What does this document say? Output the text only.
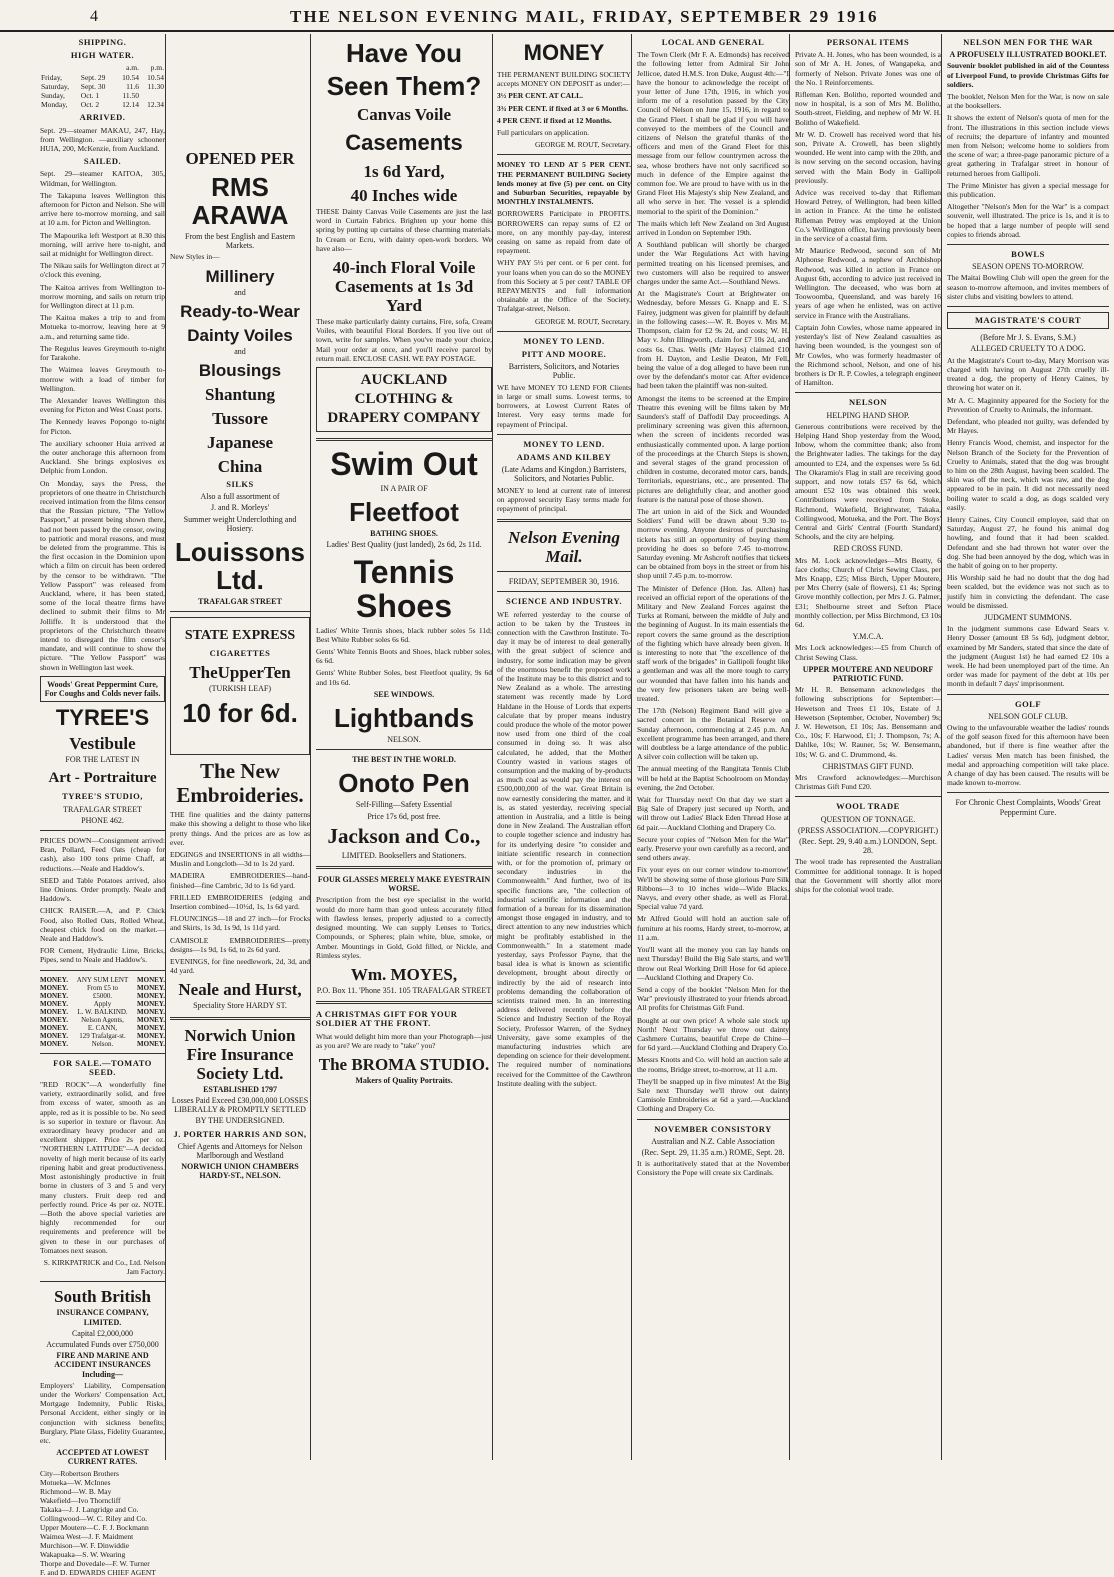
4	THE NELSON EVENING MAIL, FRIDAY, SEPTEMBER 29 1916
SHIPPING.
HIGH WATER.
		a.m.	p.m.
Friday,	Sept. 29	10.54	10.54
Saturday,	Sept. 30	11.6	11.30
Sunday,	Oct. 1	11.50	
Monday,	Oct. 2	12.14	12.34
ARRIVED.

Sept. 29—steamer MAKAU, 247, Hay, from Wellington. —auxiliary schooner HUIA, 200, McKenzie, from Auckland.

SAILED.

Sept. 29—steamer KAITOA, 305, Wildman, for Wellington.

The Takapuna leaves Wellington this afternoon for Picton and Nelson. She will arrive here to-morrow morning, and sail at 10 a.m. for Picton and Wellington.

The Mapourika left Westport at 8.30 this morning, will arrive here to-night, and sail at midnight for Wellington direct.

The Nikau sails for Wellington direct at 7 o'clock this evening.

The Kaitoa arrives from Wellington to-morrow morning, and sails on return trip for Wellington direct at 11 p.m.

The Kaitoa makes a trip to and from Motueka to-morrow, leaving here at 9 a.m., and returning same tide.

The Regulus leaves Greymouth to-night for Tarakohe.

The Waimea leaves Greymouth to-morrow with a load of timber for Wellington.

The Alexander leaves Wellington this evening for Picton and West Coast ports.

The Kennedy leaves Popongo to-night for Picton.

The auxiliary schooner Huia arrived at the outer anchorage this afternoon from Auckland. She brings explosives ex Delphic from London.

On Monday, says the Press, the proprietors of one theatre in Christchurch received intimation from the films censor that the Russian picture, "The Yellow Passport," at present being shown there, had not been passed by the censor, owing to patriotic and moral reasons, and must be deleted from the programme. This is the first occasion in the Dominion upon which a film on circuit has been ordered by the censor to be withdrawn. "The Yellow Passport" was released from Auckland, where, it has been stated, some of the local theatre firms have declined to submit their films to Mr Jolliffe. It is understood that the proprietors of the Christchurch theatre intend to disregard the film censor's mandate, and will continue to show the picture. "The Yellow Passport" was shown in Wellington last week.

Woods' Great Peppermint Cure, For Coughs and Colds never fails.
TYREE'S
Vestibule
FOR THE LATEST IN
Art - Portraiture
TYREE'S STUDIO,
TRAFALGAR STREET
PHONE 462.

PRICES DOWN—Consignment arrived: Bran, Pollard, Feed Oats (cheap for cash), also 100 tons prime Chaff, at reductions.—Neale and Haddow's.

SEED and Table Potatoes arrived, also line Onions. Order promptly. Neale and Haddow's.

CHICK RAISER.—A, and P. Chick Food, also Rolled Oats, Rolled Wheat, cheapest chick food on the market.—Neale and Haddow's.

FOR Cement, Hydraulic Lime, Bricks, Pipes, send to Neale and Haddow's.

MONEY.
MONEY.
MONEY.
MONEY.
MONEY.
MONEY.
MONEY.
MONEY.
MONEY.
ANY SUM LENT
From £5 to
£5000.
Apply
L. W. BALKIND.
Nelson Agents,
E. CANN,
129 Trafalgar-st.
Nelson.
MONEY.
MONEY.
MONEY.
MONEY.
MONEY.
MONEY.
MONEY.
MONEY.
MONEY.
FOR SALE.—TOMATO SEED.

"RED ROCK"—A wonderfully fine variety, extraordinarily solid, and free from excess of water, smooth as an apple, red as it is possible to be. No seed is so superior in texture or flavour. An extraordinary heavy producer and an excellent shipper. Price 2s per oz. "NORTHERN LATITUDE"—A decided novelty of high merit because of its early ripening habit and great productiveness. Most astonishingly productive in fruit borne in clusters of 3 and 5 and very many clusters. Fruit deep red and perfectly round. Price 4s per oz. NOTE.—Both the above special varieties are highly recommended for our requirements and preference will be given to these in our purchases of Tomatoes next season.

S. KIRKPATRICK and Co., Ltd. Nelson Jam Factory.

South British
INSURANCE COMPANY, LIMITED.
Capital £2,000,000
Accumulated Funds over £750,000
FIRE AND MARINE AND ACCIDENT INSURANCES Including—

Employers' Liability, Compensation under the Workers' Compensation Act, Mortgage Indemnity, Public Risks, Personal Accident, either singly or in conjunction with sickness benefits; Burglary, Plate Glass, Fidelity Guarantee, etc.

ACCEPTED AT LOWEST CURRENT RATES.
City—Robertson Brothers
Motueka—W. McInnes
Richmond—W. B. May
Wakefield—Ivo Thorncliff
Takaka—J. J. Langridge and Co.
Collingwood—W. C. Riley and Co.
Upper Moutere—C. F. J. Bockmann
Waimea West—J. F. Maidment
Murchison—W. F. Dinwiddie
Wakapuaka—S. W. Wearing
Thorpe and Dovedale—F. W. Turner
F. and D. EDWARDS CHIEF AGENT
OPENED PER
RMS ARAWA
From the best English and Eastern Markets.

New Styles in—

Millinery
and
Ready-to-Wear
Dainty Voiles
and
Blousings
Shantung
Tussore
Japanese
China
SILKS
Also a full assortment of
J. and R. Morleys'
Summer weight Underclothing and Hosiery.
Louissons Ltd.
TRAFALGAR STREET
STATE EXPRESS
CIGARETTES
TheUpperTen
(TURKISH LEAF)
10 for 6d.
The New Embroideries.

THE fine qualities and the dainty patterns make this showing a delight to those who like pretty things. And the prices are as low as ever.

EDGINGS and INSERTIONS in all widths—Muslin and Longcloth—3d to 1s 2d yard.

MADEIRA EMBROIDERIES—hand-finished—fine Cambric, 3d to 1s 6d yard.

FRILLED EMBROIDERIES (edging and Insertion combined—10½d, 1s, 1s 6d yard.

FLOUNCINGS—18 and 27 inch—for Frocks and Skirts, 1s 3d, 1s 9d, 1s 11d yard.

CAMISOLE EMBROIDERIES—pretty designs—1s 9d, 1s 6d, to 2s 6d yard.

EVENINGS, for fine needlework, 2d, 3d, and 4d yard.

Neale and Hurst,
Speciality Store HARDY ST.
Norwich Union Fire Insurance Society Ltd.
ESTABLISHED 1797
Losses Paid Exceed £30,000,000 LOSSES LIBERALLY & PROMPTLY SETTLED
BY THE UNDERSIGNED.
J. PORTER HARRIS AND SON,
Chief Agents and Attorneys for Nelson Marlborough and Westland
NORWICH UNION CHAMBERS HARDY-ST., NELSON.
Have You
Seen Them?
Canvas Voile
Casements
1s 6d Yard,
40 Inches wide

THESE Dainty Canvas Voile Casements are just the last word in Curtain Fabrics. Brighten up your home this spring by putting up curtains of these charming materials. In Cream or Ecru, with dainty open-work borders. We have also—

40-inch Floral Voile Casements at 1s 3d Yard

These make particularly dainty curtains, Fire, sofa, Cream Voiles, with beautiful Floral Borders. If you live out of town, write for samples. When you've made your choice, Mail your order at once, and you'll receive parcel by return mail. ENCLOSE CASH. WE PAY POSTAGE.

AUCKLAND CLOTHING & DRAPERY COMPANY
Swim Out
IN A PAIR OF
Fleetfoot
BATHING SHOES.
Ladies' Best Quality (just landed), 2s 6d, 2s 11d.
Tennis Shoes

Ladies' White Tennis shoes, black rubber soles 5s 11d; Best White Rubber soles 6s 6d.

Gents' White Tennis Boots and Shoes, black rubber soles, 6s 6d.

Gents' White Rubber Soles, best Fleetfoot quality, 9s 6d and 10s 6d.

SEE WINDOWS.
Lightbands
NELSON.
THE BEST IN THE WORLD.
Onoto Pen
Self-Filling—Safety Essential
Price 17s 6d, post free.
Jackson and Co.,
LIMITED. Booksellers and Stationers.
FOUR GLASSES MERELY MAKE EYESTRAIN WORSE.

Prescription from the best eye specialist in the world, would do more harm than good unless accurately filled with flawless lenses, properly adjusted to a correctly designed mounting. We can supply Lenses to Torics, Compounds, or Spheres; plain white, blue, smoke, or Amber. Mountings in Gold, Gold filled, or Nickle, and Rimless styles.

Wm. MOYES,
P.O. Box 11. 'Phone 351. 105 TRAFALGAR STREET
A CHRISTMAS GIFT FOR YOUR SOLDIER AT THE FRONT.

What would delight him more than your Photograph—just as you are? We are ready to "take" you?

The BROMA STUDIO.
Makers of Quality Portraits.
MONEY

THE PERMANENT BUILDING SOCIETY accepts MONEY ON DEPOSIT as under:—

3½ PER CENT. AT CALL.

3¾ PER CENT. if fixed at 3 or 6 Months.

4 PER CENT. if fixed at 12 Months.

Full particulars on application.

GEORGE M. ROUT, Secretary.

MONEY TO LEND AT 5 PER CENT. THE PERMANENT BUILDING Society lends money at five (5) per cent. on City and Suburban Securities, repayable by MONTHLY INSTALMENTS.

BORROWERS Participate in PROFITS. BORROWERS can repay sums of £2 or more, on any monthly pay-day, interest ceasing on same as repaid from date of repayment.

WHY PAY 5½ per cent. or 6 per cent. for your loans when you can do so the MONEY from this Society at 5 per cent? TABLE OF REPAYMENTS and full information obtainable at the Office of the Society, Trafalgar-street, Nelson.

GEORGE M. ROUT, Secretary.

MONEY TO LEND.
PITT AND MOORE.
Barristers, Solicitors, and Notaries Public.

WE have MONEY TO LEND FOR Clients in large or small sums. Lowest terms, to borrowers, at Lowest Current Rates of Interest. Very easy terms made for repayment of Principal.

MONEY TO LEND.
ADAMS AND KILBEY
(Late Adams and Kingdon.) Barristers, Solicitors, and Notaries Public.

MONEY to lend at current rate of interest on approved security Easy terms made for repayment of principal.

Nelson Evening Mail.
FRIDAY, SEPTEMBER 30, 1916.
SCIENCE AND INDUSTRY.

WE referred yesterday to the course of action to be taken by the Trustees in connection with the Cawthron Institute. To-day it may be of interest to deal generally with the great subject of science and industry, for some indication may be given of the enormous benefit the proposed work of the Institute may be to this district and to New Zealand as a whole. The arresting statement was recently made by Lord Haldane in the House of Lords that experts calculate that by proper means industry could produce the whole of the motor power now used from one third of the coal consumed in doing so. It was also calculated, he added, that the Mother Country wasted in various stages of consumption and the making of by-products as much coal as would pay the interest on £500,000,000 of the war. Great Britain is now earnestly considering the matter, and it is, as stated yesterday, receiving special attention in Australia, and a little is being done in New Zealand. The Australian effort to couple together science and industry has for its underlying desire "to consider and initiate scientific research in connection with, or for the promotion of, primary or secondary industries in the Commonwealth." And further, two of its specific functions are, "the collection of industrial scientific information and the formation of a bureau for its dissemination amongst those engaged in industry, and to direct attention to any new industries which might be profitably established in the Commonwealth." In a statement made yesterday, says Professor Payne, that the basal idea is what is known as scientific development, brought about directly or indirectly by the aid of research into problems demanding the collaboration of scientists trained men. In an interesting address delivered recently before the Science and Industry Section of the Royal Society, Professor Warren, of the Sydney University, gave some examples of the manufacturing industries which are depending on science for their development. The required number of nominations received for the Committee of the Cawthron Institute dealing with the subject.

LOCAL AND GENERAL

The Town Clerk (Mr F. A. Edmonds) has received the following letter from Admiral Sir John Jellicoe, dated H.M.S. Iron Duke, August 4th:—"I have the honour to acknowledge the receipt of your letter of June 17th, 1916, in which you inform me of a resolution passed by the City Council of Nelson on June 15, 1916, in regard to the Grand Fleet. I shall be glad if you will have conveyed to the members of the Council and citizens of Nelson the grateful thanks of the officers and men of the Grand Fleet for this message from our fellow countrymen across the sea, whose brothers have not only sacrificed so much in defence of the Empire against the common foe. We are proud to have with us in the Grand Fleet His Majesty's ship New Zealand, and all who serve in her. The vessel is a splendid memorial to the spirit of the Dominion."

The mails which left New Zealand on 3rd August arrived in London on September 19th.

A Southland publican will shortly be charged under the War Regulations Act with having permitted treating on his licensed premises, and two customers will also be required to answer charges under the same Act.—Southland News.

At the Magistrate's Court at Brightwater on Wednesday, before Messrs G. Knapp and E. S. Fairey, judgment was given for plaintiff by default in the following cases:—W. R. Boyes v. Mrs M. Thompson, claim for £2 9s 2d, and costs; W. H. May v. John Illingworth, claim for £7 10s 2d, and costs 6s. Chas. Wells (Mr Hayes) claimed £10 from H. Dayton, and Leslie Deaton, Mr Fell, being the value of a dog alleged to have been run over by the defendant's motor car. After evidence had been taken the plaintiff was non-suited.

Amongst the items to be screened at the Empire Theatre this evening will be films taken by Mr Saunders's staff of Daffodil Day proceedings. A preliminary screening was given this afternoon, when the screen of incidents recorded was enthusiastically commented upon. A large portion of the proceedings at the Church Steps is shown, and several stages of the grand procession of children in costume, decorated motor cars, bands, Territorials, equestrians, etc., are presented. The pictures are delightfully clear, and another good feature is the natural pose of those shown.

The art union in aid of the Sick and Wounded Soldiers' Fund will be drawn about 9.30 to-morrow evening. Anyone desirous of purchasing tickets has still an opportunity of buying them providing he does so before 7.45 to-morrow. Saturday evening. Mr Ashcroft notifies that tickets can be obtained from boys in the street or from his shop until 7.45 p.m. to-morrow.

The Minister of Defence (Hon. Jas. Allen) has received an official report of the operations of the Military and New Zealand Forces against the Turks at Romani, between the middle of July and the beginning of August. In its main essentials the report covers the same ground as the description of the fighting which have already been given. It is interesting to note that "the excellence of the staff work of the brigades" in Gallipoli fought like a gentleman and was all the more tough to carry our wounded that have fallen into his hands and the very few prisoners taken are being well-treated.

The 17th (Nelson) Regiment Band will give a sacred concert in the Botanical Reserve on Sunday afternoon, commencing at 2.45 p.m. An excellent programme has been arranged, and there will doubtless be a large attendance of the public. A silver coin collection will be taken up.

The annual meeting of the Rangitata Tennis Club will be held at the Baptist Schoolroom on Monday evening, the 2nd October.

Wait for Thursday next! On that day we start a Big Sale of Drapery just secured up North, and will throw out Ladies' Black Eden Thread Hose at 6d pair.—Auckland Clothing and Drapery Co.

Secure your copies of "Nelson Men for the War" early. Preserve your own carefully as a record, and send others away.

Fix your eyes on our corner window to-morrow! We'll be showing some of those glorious Pure Silk Ribbons—3 to 10 inches wide—Wide Blacks, Navys, and every other shade, as well as Floral. Special value 7d yard.

Mr Alfred Gould will hold an auction sale of furniture at his rooms, Hardy street, to-morrow, at 11 a.m.

You'll want all the money you can lay hands on next Thursday! Build the Big Sale starts, and we'll throw out Real Working Drill Hose for 6d apiece. —Auckland Clothing and Drapery Co.

Send a copy of the booklet "Nelson Men for the War" previously illustrated to your friends abroad. All profits for Christmas Gift Fund.

Bought at our own price! A whole sale stock up North! Next Thursday we throw out dainty Cashmere Curtains, beautiful Crepe de Chine—for 6d yard.—Auckland Clothing and Drapery Co.

Messrs Knotts and Co. will hold an auction sale at the rooms, Bridge street, to-morrow, at 11 a.m.

They'll be snapped up in five minutes! At the Big Sale next Thursday we'll throw out dainty Camisole Embroideries at 6d a yard.—Auckland Clothing and Drapery Co.

NOVEMBER CONSISTORY
Australian and N.Z. Cable Association
(Rec. Sept. 29, 11.35 a.m.) ROME, Sept. 28.

It is authoritatively stated that at the November Consistory the Pope will create six Cardinals.

PERSONAL ITEMS

Private A. H. Jones, who has been wounded, is a son of Mr A. H. Jones, of Wangapeka, and formerly of Nelson. Private Jones was one of the No. 1 Reinforcements.

Rifleman Ken. Bolitho, reported wounded and now in hospital, is a son of Mrs M. Bolitho, South-street, Fielding, and nephew of Mr W. H. Bolitho of Wakefield.

Mr W. D. Crowell has received word that his son, Private A. Crowell, has been slightly wounded. He went into camp with the 20th, and is now serving on the second occasion, having served with the Main Body in Gallipoli previously.

Advice was received to-day that Rifleman Howard Petrey, of Wellington, had been killed in action in France. At the time he enlisted Rifleman Petrey was employed at the Union Co.'s Wellington office, having previously been in the service of a coastal firm.

Mr Maurice Redwood, second son of Mr Alphonse Redwood, a nephew of Archbishop Redwood, was killed in action in France on August 6th, according to advice just received in Wellington. The deceased, who was born at Toowoomba, Queensland, and was barely 16 years of age when he enlisted, was on active service in France with the Australians.

Captain John Cowles, whose name appeared in yesterday's list of New Zealand casualties as having been wounded, is the youngest son of Mr Cowles, who was formerly headmaster of the Richmond school, Nelson, and one of his brothers is Dr R. P. Cowles, a telegraph engineer of Hamilton.

NELSON
HELPING HAND SHOP.

Generous contributions were received by the Helping Hand Shop yesterday from the Wood, Inbow, whom the committee thank; also from the Brightwater ladies. The takings for the day amounted to £24, and the expenses were 5s 6d. The Okaramio's Flag in stall are receiving good support, and now totals £57 6s 6d, which amount £52 10s was obtained this week. Contributions were received from Stoke, Richmond, Wakefield, Brightwater, Takaka, Collingwood, Motueka, and the Port. The Boys' Central and Girls' Central (Fourth Standard) Schools, and the city are helping.

RED CROSS FUND.

Mrs M. Lock acknowledges—Mrs Beatty, 6 face cloths; Church of Christ Sewing Class, per Mrs Knapp, £25; Miss Birch, Upper Moutere, per Mrs Cherry (sale of flowers), £1 4s; Spring Grove monthly collection, per Mrs J. G. Palmer, £31; Shelbourne street and Sefton Place monthly collection, per Miss Birchmond, £3 10s 6d.

Y.M.C.A.

Mrs Lock acknowledges:—£5 from Church of Christ Sewing Class.

UPPER MOUTERE AND NEUDORF PATRIOTIC FUND.

Mr H. R. Bensemann acknowledges the following subscriptions for September:—Hewetson and Trees £1 10s, Estate of J. Hewetson (September, October, November) 9s; J. W. Hewetson, £1 10s; Jas. Bensemann and Co., 10s; F. Harwood, £1; J. Thompson, 7s; A. Dahlke, 10s; W. Rauner, 5s; W. Bensemann, 10s; W. G. and C. Drummond, 4s.

CHRISTMAS GIFT FUND.

Mrs Crawford acknowledges:—Murchison Christmas Gift Fund £20.

WOOL TRADE
QUESTION OF TONNAGE.
(PRESS ASSOCIATION.—COPYRIGHT.)
(Rec. Sept. 29, 9.40 a.m.) LONDON, Sept. 28.

The wool trade has represented the Australian Committee for additional tonnage. It is hoped that the Government will shortly allot more ships for the colonial wool trade.

NELSON MEN FOR THE WAR
A PROFUSELY ILLUSTRATED BOOKLET.

Souvenir booklet published in aid of the Countess of Liverpool Fund, to provide Christmas Gifts for soldiers.

The booklet, Nelson Men for the War, is now on sale at the booksellers.

It shows the extent of Nelson's quota of men for the front. The illustrations in this section include views of recruits; the departure of infantry and mounted men from Nelson; welcome home to soldiers from the scene of war; a three-page panoramic picture of a great gathering in Trafalgar street in honour of returned heroes from Gallipoli.

The Prime Minister has given a special message for this publication.

Altogether "Nelson's Men for the War" is a compact souvenir, well illustrated. The price is 1s, and it is to be hoped that a large number of people will send copies to friends abroad.

BOWLS
SEASON OPENS TO-MORROW.

The Maitai Bowling Club will open the green for the season to-morrow afternoon, and invites members of sister clubs and visiting bowlers to attend.

MAGISTRATE'S COURT
(Before Mr J. S. Evans, S.M.)
ALLEGED CRUELTY TO A DOG.

At the Magistrate's Court to-day, Mary Morrison was charged with having on August 27th cruelly ill-treated a dog, the property of Henry Caines, by throwing hot water on it.

Mr A. C. Maginnity appeared for the Society for the Prevention of Cruelty to Animals, the informant.

Defendant, who pleaded not guilty, was defended by Mr Hayes.

Henry Francis Wood, chemist, and inspector for the Nelson Branch of the Society for the Prevention of Cruelty to Animals, stated that the dog was brought to him on the 28th August, having been scalded. The skin was off the neck, which was raw, and the dog appeared to be in pain. It did not necessarily need boiling water to scald a dog, as dogs scalded very easily.

Henry Caines, City Council employee, said that on Saturday, August 27, he found his animal dog howling, and found that it had been scalded. Defendant and she had thrown hot water over the dog. She had been annoyed by the dog, which was in the habit of going on to her property.

His Worship said he had no doubt that the dog had been scalded, but the evidence was not such as to justify him in convicting the defendant. The case would be dismissed.

JUDGMENT SUMMONS.

In the judgment summons case Edward Sears v. Henry Dosser (amount £8 5s 6d), judgment debtor, examined by Mr Sanders, stated that since the date of the judgment (August 1st) he had earned £2 10s a week. He had been unemployed part of the time. An order was made for payment of the debt at 10s per month in default 7 days' imprisonment.

GOLF
NELSON GOLF CLUB.

Owing to the unfavourable weather the ladies' rounds of the golf season fixed for this afternoon have been abandoned, but if there is fine weather after the Ladies' versus Men match has been finished, the medal and approaching competition will take place. A change of day has been caused. The results will be made known to-morrow.

For Chronic Chest Complaints, Woods' Great Peppermint Cure.
